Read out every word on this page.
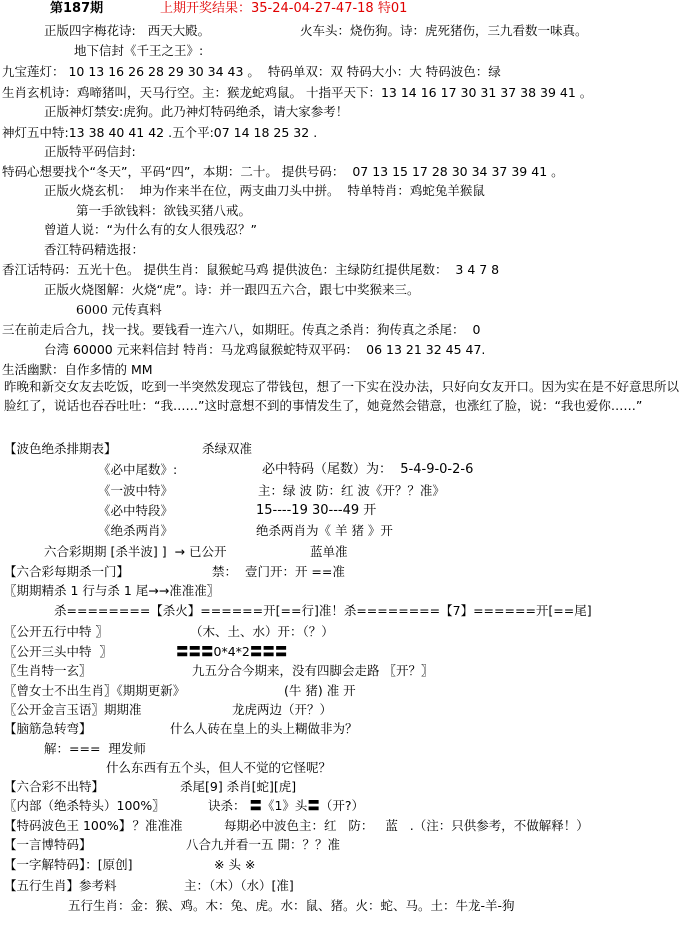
第187期	上期开奖结果：35-24-04-27-47-18 特01
正版四字梅花诗:   西天大殿。	火车头：烧伤狗。诗：虎死猪伤，三九看数一味真。
地下信封《千王之王》:
九宝莲灯： 10 13 16 26 28 29 30 34 43 。  特码单双：双 特码大小：大 特码波色：绿
生肖玄机诗：鸡啼猪叫，天马行空。主：猴龙蛇鸡鼠。 十指平天下：13 14 16 17 30 31 37 38 39 41 。
正版神灯禁安:虎狗。此乃神灯特码绝杀，请大家参考！
神灯五中特:13 38 40 41 42 .五个平:07 14 18 25 32 .
正版特平码信封:
特码心想要找个“冬天”，平码“四”，本期：二十。 提供号码：  07 13 15 17 28 30 34 37 39 41 。
正版火烧玄机：  坤为作来半在位，两支曲刀头中拼。  特单特肖：鸡蛇兔羊猴鼠
第一手欲钱料：欲钱买猪八戒。
曾道人说：“为什么有的女人很残忍？”
香江特码精选报：
香江话特码：五光十色。 提供生肖：鼠猴蛇马鸡 提供波色：主绿防红提供尾数：  3 4 7 8
正版火烧图解：火烧“虎”。诗：并一跟四五六合，跟七中奖猴来三。
6000 元传真料
三在前走后合九，找一找。要钱看一连六八，如期旺。传真之杀肖：狗传真之杀尾：  0
台湾 60000 元来料信封 特肖：马龙鸡鼠猴蛇特双平码：  06 13 21 32 45 47.
生活幽默：自作多情的 MM
昨晚和新交女友去吃饭，吃到一半突然发现忘了带钱包，想了一下实在没办法，只好向女友开口。因为实在是不好意思所以脸红了，说话也吞吞吐吐：“我……”这时意想不到的事情发生了，她竟然会错意，也涨红了脸，说：“我也爱你……”
【波色绝杀排期表】	杀绿双准
《必中尾数》:	必中特码（尾数）为：  5-4-9-0-2-6
《一波中特》	主：绿 波 防：红 波《开？？准》
《必中特段》	15----19 30---49 开
《绝杀两肖》	绝杀两肖为《 羊 猪 》开
六合彩期期 [杀半波] ]  → 已公开	蓝单准
【六合彩每期杀一门】	禁：  壹门开：开 ==准
〖期期精杀 1 行与杀 1 尾→→准准准〗
杀========【杀火】======开[==行]准！杀========【7】======开[==尾]
〖公开五行中特 〗	（木、土、水）开：（？）
〖公开三头中特  〗	〓〓〓0*4*2〓〓〓
〖生肖特一玄〗	九五分合今期来，没有四脚会走路 〖开？〗
〖曾女士不出生肖〗《期期更新》	(牛 猪) 准 开
〖公开金言玉语〗期期准	龙虎两边（开？）
【脑筋急转弯】	什么人砖在皇上的头上糊做非为？
解：===  理发师
什么东西有五个头，但人不觉的它怪呢？
【六合彩不出特】	杀尾[9] 杀肖[蛇][虎]
〖内部（绝杀特头）100%〗	诀杀： 〓《1》头〓（开?）
【特码波色王 100%】
！？准准准	每期必中波色主：红   防：   蓝   .（注：只供参考，不做解释！）
【一言博特码】	八合九并看一五 開：？？准
【一字解特码】：[原创]	※ 头 ※
【五行生肖】参考料	主：（木）（水）[准]
五行生肖：金：猴、鸡。木：兔、虎。水：鼠、猪。火：蛇、马。土：牛龙-羊-狗
